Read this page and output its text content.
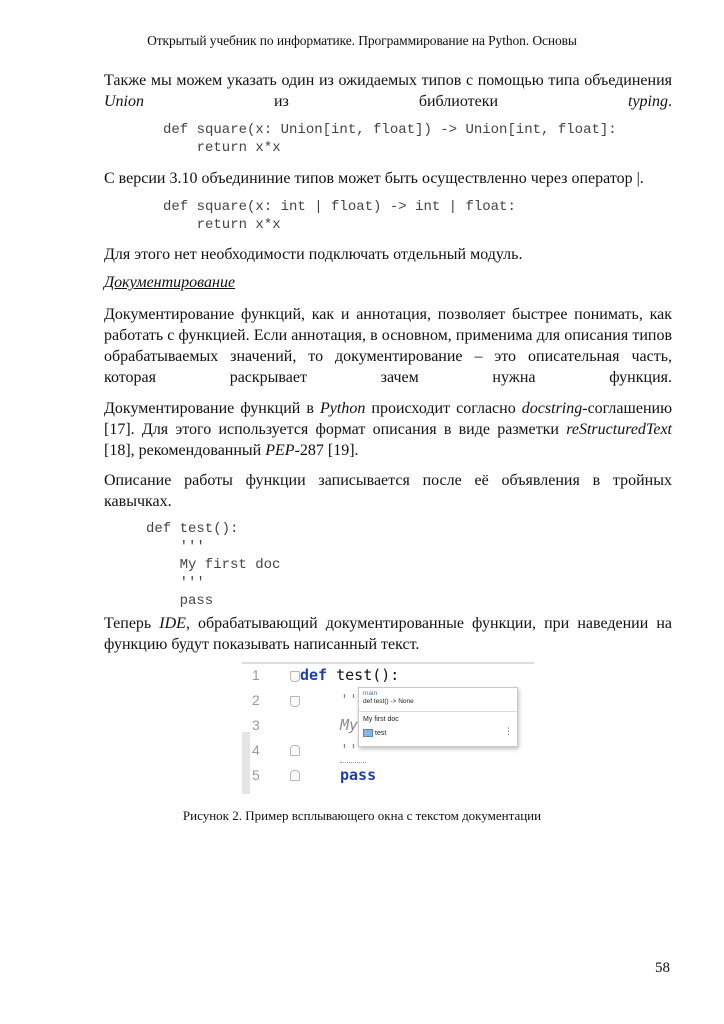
Открытый учебник по информатике. Программирование на Python. Основы
Также мы можем указать один из ожидаемых типов с помощью типа объединения Union из библиотеки typing.
def square(x: Union[int, float]) -> Union[int, float]:
return x*x
С версии 3.10 объедининие типов может быть осуществленно через оператор |.
def square(x: int | float) -> int | float:
return x*x
Для этого нет необходимости подключать отдельный модуль.
Документирование
Документирование функций, как и аннотация, позволяет быстрее понимать, как работать с функцией. Если аннотация, в основном, применима для описания типов обрабатываемых значений, то документирование – это описательная часть, которая раскрывает зачем нужна функция.
Документирование функций в Python происходит согласно docstring-соглашению [17]. Для этого используется формат описания в виде разметки reStructuredText [18], рекомендованный PEP-287 [19].
Описание работы функции записывается после её объявления в тройных кавычках.
def test():
'''
My first doc
'''
pass
Теперь IDE, обрабатывающий документированные функции, при наведении на функцию будут показывать написанный текст.
1
2
3
4
5
def test():
''
My
''
pass
main
def test() -> None
My first doc
test	⋮
Рисунок 2. Пример всплывающего окна с текстом документации
58
